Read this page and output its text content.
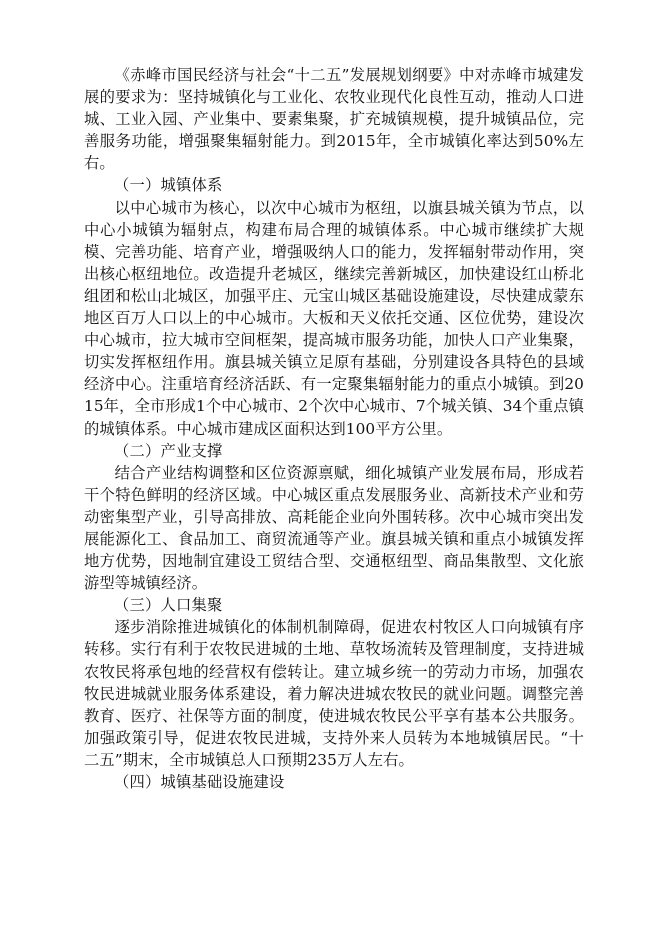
《赤峰市国民经济与社会“十二五”发展规划纲要》中对赤峰市城建发展的要求为：坚持城镇化与工业化、农牧业现代化良性互动，推动人口进城、工业入园、产业集中、要素集聚，扩充城镇规模，提升城镇品位，完善服务功能，增强聚集辐射能力。到2015年，全市城镇化率达到50%左右。

（一）城镇体系

以中心城市为核心，以次中心城市为枢纽，以旗县城关镇为节点，以中心小城镇为辐射点，构建布局合理的城镇体系。中心城市继续扩大规模、完善功能、培育产业，增强吸纳人口的能力，发挥辐射带动作用，突出核心枢纽地位。改造提升老城区，继续完善新城区，加快建设红山桥北组团和松山北城区，加强平庄、元宝山城区基础设施建设，尽快建成蒙东地区百万人口以上的中心城市。大板和天义依托交通、区位优势，建设次中心城市，拉大城市空间框架，提高城市服务功能，加快人口产业集聚，切实发挥枢纽作用。旗县城关镇立足原有基础，分别建设各具特色的县域经济中心。注重培育经济活跃、有一定聚集辐射能力的重点小城镇。到2015年，全市形成1个中心城市、2个次中心城市、7个城关镇、34个重点镇的城镇体系。中心城市建成区面积达到100平方公里。

（二）产业支撑

结合产业结构调整和区位资源禀赋，细化城镇产业发展布局，形成若干个特色鲜明的经济区域。中心城区重点发展服务业、高新技术产业和劳动密集型产业，引导高排放、高耗能企业向外围转移。次中心城市突出发展能源化工、食品加工、商贸流通等产业。旗县城关镇和重点小城镇发挥地方优势，因地制宜建设工贸结合型、交通枢纽型、商品集散型、文化旅游型等城镇经济。

（三）人口集聚

逐步消除推进城镇化的体制机制障碍，促进农村牧区人口向城镇有序转移。实行有利于农牧民进城的土地、草牧场流转及管理制度，支持进城农牧民将承包地的经营权有偿转让。建立城乡统一的劳动力市场，加强农牧民进城就业服务体系建设，着力解决进城农牧民的就业问题。调整完善教育、医疗、社保等方面的制度，使进城农牧民公平享有基本公共服务。加强政策引导，促进农牧民进城，支持外来人员转为本地城镇居民。“十二五”期末，全市城镇总人口预期235万人左右。

（四）城镇基础设施建设
